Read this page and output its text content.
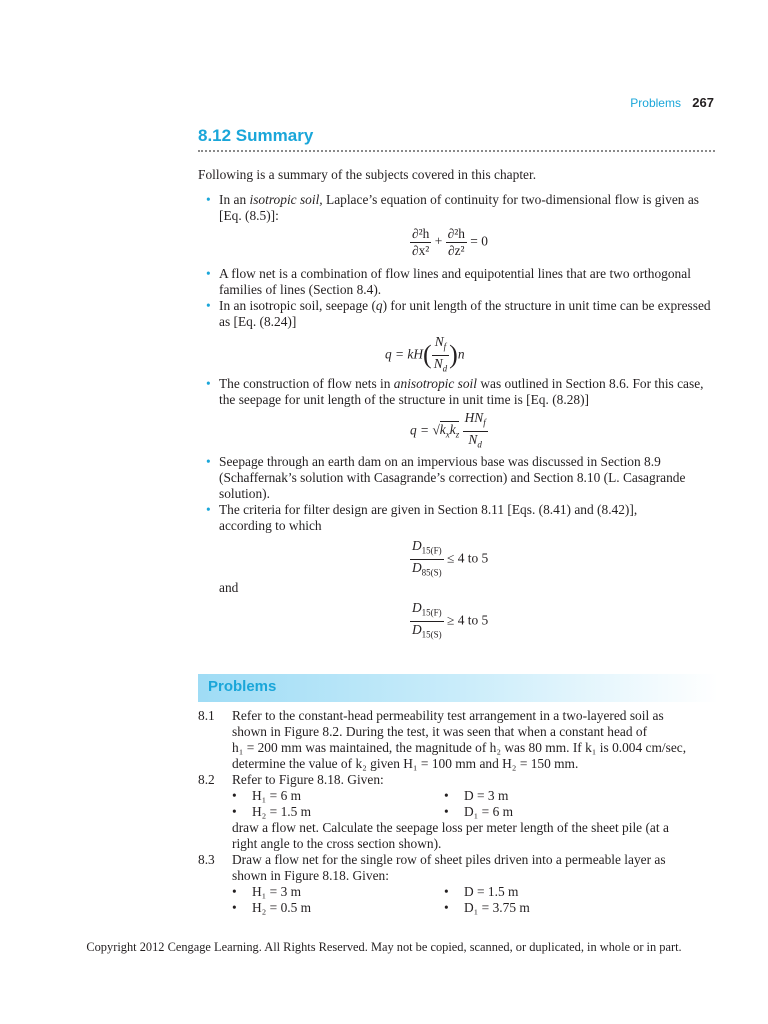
Problems 267
8.12 Summary
Following is a summary of the subjects covered in this chapter.
• In an isotropic soil, Laplace’s equation of continuity for two-dimensional flow is given as [Eq. (8.5)]:
$\frac{\text{∂²h}}{\text{∂x²}} + \frac{\text{∂²h}}{\text{∂z²}} = 0$
• A flow net is a combination of flow lines and equipotential lines that are two orthogonal families of lines (Section 8.4).
• In an isotropic soil, seepage (q) for unit length of the structure in unit time can be expressed as [Eq. (8.24)]
$q = kH( \frac{N_f}{N_d} )n$
• The construction of flow nets in anisotropic soil was outlined in Section 8.6. For this case, the seepage for unit length of the structure in unit time is [Eq. (8.28)]
$q = √k_xk_z \frac{HN_f}{N_d}$
• Seepage through an earth dam on an impervious base was discussed in Section 8.9 (Schaffernak’s solution with Casagrande’s correction) and Section 8.10 (L. Casagrande solution).
• The criteria for filter design are given in Section 8.11 [Eqs. (8.41) and (8.42)], according to which
$\frac{D_{15(F)}}{D_{85(S)}} \le 4$ to 5
and
$\frac{D_{15(F)}}{D_{15(S)}} \ge 4$ to 5
Problems
8.1 Refer to the constant-head permeability test arrangement in a two-layered soil as
shown in Figure 8.2. During the test, it was seen that when a constant head of
h₁ = 200 mm was maintained, the magnitude of h₂ was 80 mm. If k₁ is 0.004 cm/sec,
determine the value of k₂ given H₁ = 100 mm and H₂ = 150 mm.
8.2 Refer to Figure 8.18. Given:
• H₁ = 6 m	• D = 3 m
• H₂ = 1.5 m	• D₁ = 6 m
draw a flow net. Calculate the seepage loss per meter length of the sheet pile (at a
right angle to the cross section shown).
8.3 Draw a flow net for the single row of sheet piles driven into a permeable layer as
shown in Figure 8.18. Given:
• H₁ = 3 m	• D = 1.5 m
• H₂ = 0.5 m	• D₁ = 3.75 m
Copyright 2012 Cengage Learning. All Rights Reserved. May not be copied, scanned, or duplicated, in whole or in part.
